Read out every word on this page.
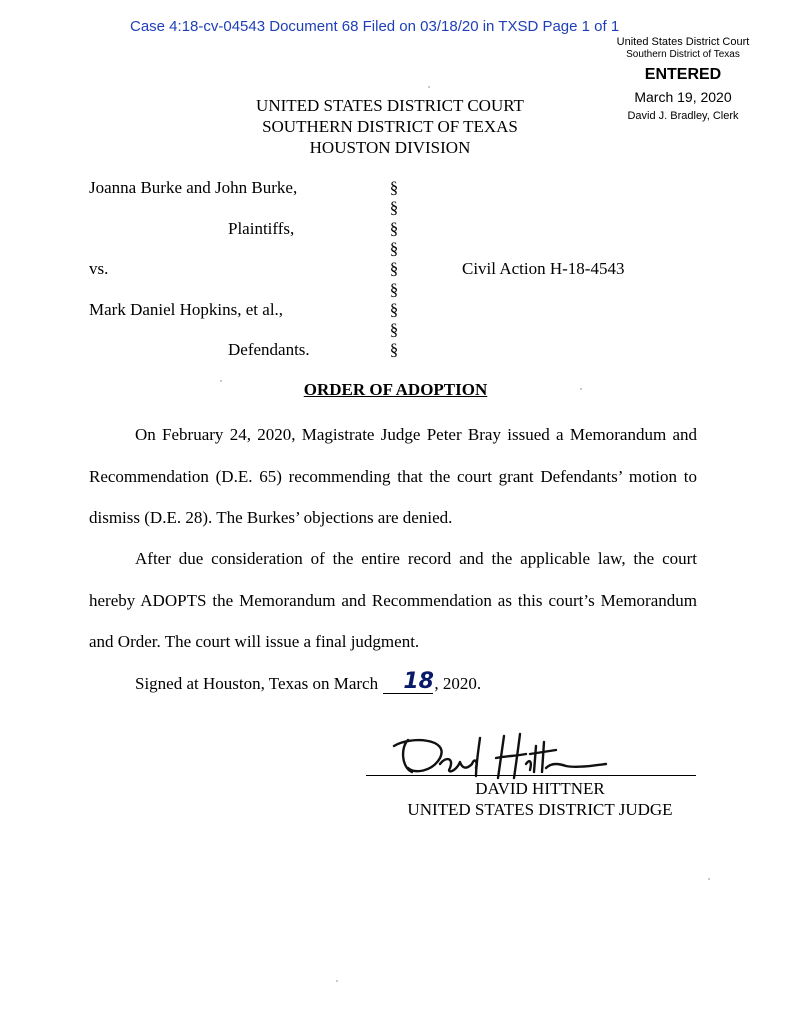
Case 4:18-cv-04543 Document 68 Filed on 03/18/20 in TXSD Page 1 of 1
United States District Court
Southern District of Texas
ENTERED
March 19, 2020
David J. Bradley, Clerk
UNITED STATES DISTRICT COURT
SOUTHERN DISTRICT OF TEXAS
HOUSTON DIVISION
Joanna Burke and John Burke,
Plaintiffs,
vs.
Mark Daniel Hopkins, et al.,
Defendants.
Civil Action H-18-4543
§
§
§
§
§
§
§
§
§
ORDER OF ADOPTION
On February 24, 2020, Magistrate Judge Peter Bray issued a Memorandum and Recommendation (D.E. 65) recommending that the court grant Defendants’ motion to dismiss (D.E. 28). The Burkes’ objections are denied.
After due consideration of the entire record and the applicable law, the court hereby ADOPTS the Memorandum and Recommendation as this court’s Memorandum and Order. The court will issue a final judgment.
Signed at Houston, Texas on March 18 , 2020.
DAVID HITTNER
UNITED STATES DISTRICT JUDGE
